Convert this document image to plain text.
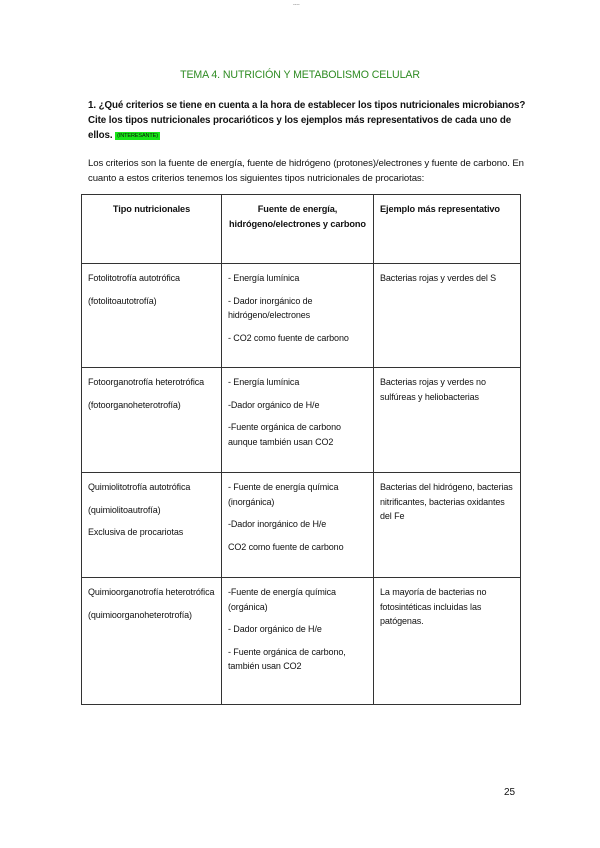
----
TEMA 4. NUTRICIÓN Y METABOLISMO CELULAR
1. ¿Qué criterios se tiene en cuenta a la hora de establecer los tipos nutricionales microbianos? Cite los tipos nutricionales procarióticos y los ejemplos más representativos de cada uno de ellos. (INTERESANTE)
Los criterios son la fuente de energía, fuente de hidrógeno (protones)/electrones y fuente de carbono. En cuanto a estos criterios tenemos los siguientes tipos nutricionales de procariotas:
Tipo nutricionales	Fuente de energía, hidrógeno/electrones y carbono	Ejemplo más representativo

Fotolitotrofía autotrófica
(fotolitoautotrofía)	- Energía lumínica
- Dador inorgánico de hidrógeno/electrones
- CO2 como fuente de carbono	Bacterias rojas y verdes del S

Fotoorganotrofía heterotrófica
(fotoorganoheterotrofía)	- Energía lumínica
-Dador orgánico de H/e
-Fuente orgánica de carbono aunque también usan CO2	Bacterias rojas y verdes no sulfúreas y heliobacterias

Quimiolitotrofía autotrófica
(quimiolitoautrofía)
Exclusiva de procariotas	- Fuente de energía química (inorgánica)
-Dador inorgánico de H/e
CO2 como fuente de carbono	Bacterias del hidrógeno, bacterias nitrificantes, bacterias oxidantes del Fe

Quimioorganotrofía heterotrófica
(quimioorganoheterotrofía)	-Fuente de energía química (orgánica)
- Dador orgánico de H/e
- Fuente orgánica de carbono, también usan CO2	La mayoría de bacterias no fotosintéticas incluidas las patógenas.
25
